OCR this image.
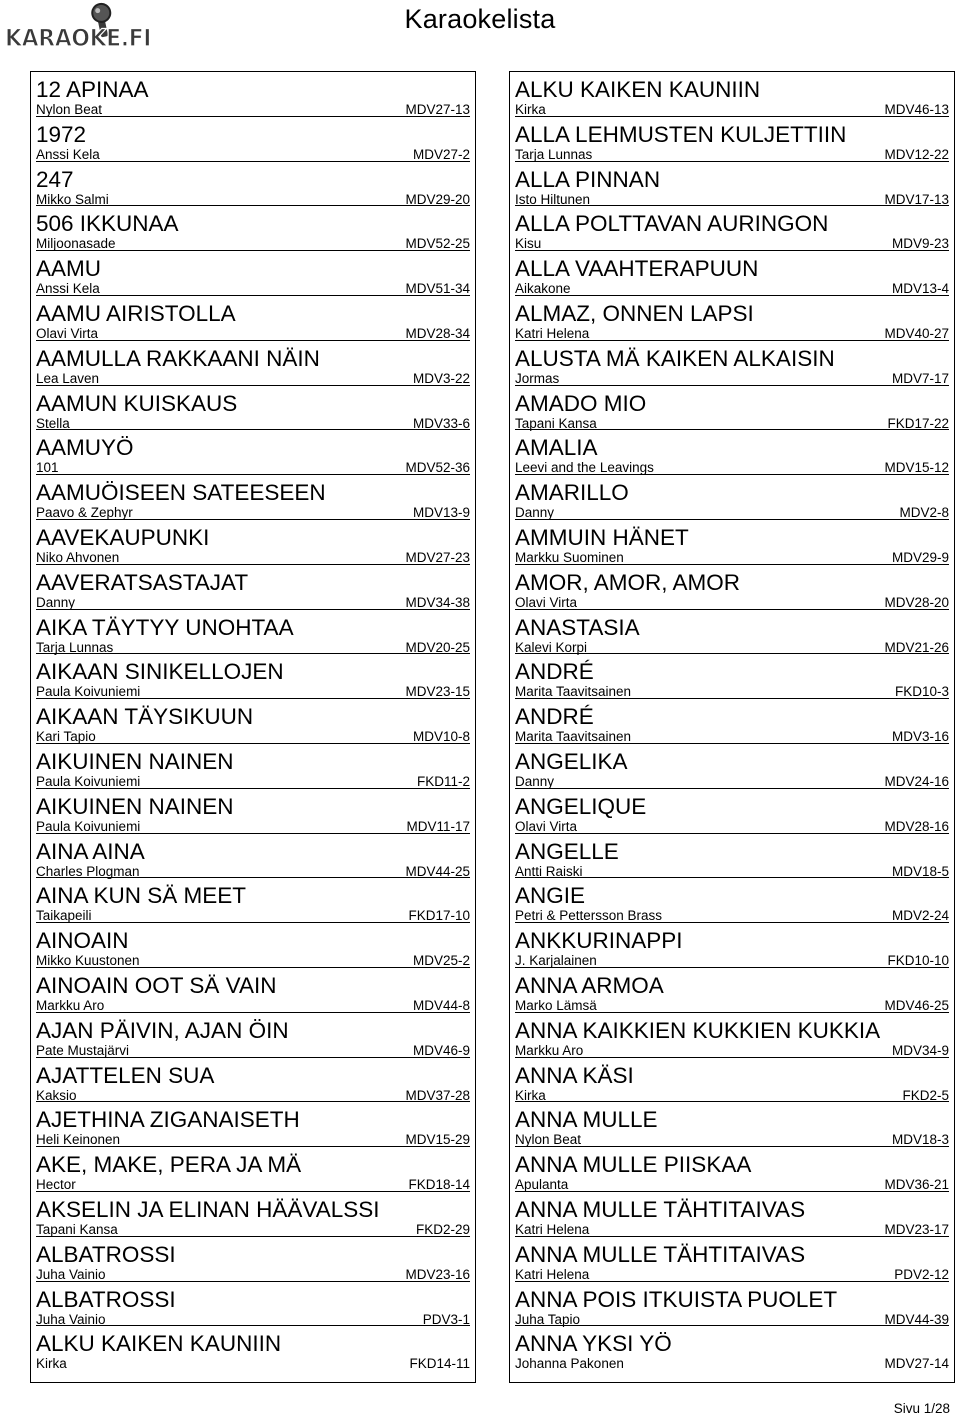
KARAOKE.FI
Karaokelista
12 APINAA
Nylon Beat	MDV27-13
1972
Anssi Kela	MDV27-2
247
Mikko Salmi	MDV29-20
506 IKKUNAA
Miljoonasade	MDV52-25
AAMU
Anssi Kela	MDV51-34
AAMU AIRISTOLLA
Olavi Virta	MDV28-34
AAMULLA RAKKAANI NÄIN
Lea Laven	MDV3-22
AAMUN KUISKAUS
Stella	MDV33-6
AAMUYÖ
101	MDV52-36
AAMUÖISEEN SATEESEEN
Paavo & Zephyr	MDV13-9
AAVEKAUPUNKI
Niko Ahvonen	MDV27-23
AAVERATSASTAJAT
Danny	MDV34-38
AIKA TÄYTYY UNOHTAA
Tarja Lunnas	MDV20-25
AIKAAN SINIKELLOJEN
Paula Koivuniemi	MDV23-15
AIKAAN TÄYSIKUUN
Kari Tapio	MDV10-8
AIKUINEN NAINEN
Paula Koivuniemi	FKD11-2
AIKUINEN NAINEN
Paula Koivuniemi	MDV11-17
AINA AINA
Charles Plogman	MDV44-25
AINA KUN SÄ MEET
Taikapeili	FKD17-10
AINOAIN
Mikko Kuustonen	MDV25-2
AINOAIN OOT SÄ VAIN
Markku Aro	MDV44-8
AJAN PÄIVIN, AJAN ÖIN
Pate Mustajärvi	MDV46-9
AJATTELEN SUA
Kaksio	MDV37-28
AJETHINA ZIGANAISETH
Heli Keinonen	MDV15-29
AKE, MAKE, PERA JA MÄ
Hector	FKD18-14
AKSELIN JA ELINAN HÄÄVALSSI
Tapani Kansa	FKD2-29
ALBATROSSI
Juha Vainio	MDV23-16
ALBATROSSI
Juha Vainio	PDV3-1
ALKU KAIKEN KAUNIIN
Kirka	FKD14-11
ALKU KAIKEN KAUNIIN
Kirka	MDV46-13
ALLA LEHMUSTEN KULJETTIIN
Tarja Lunnas	MDV12-22
ALLA PINNAN
Isto Hiltunen	MDV17-13
ALLA POLTTAVAN AURINGON
Kisu	MDV9-23
ALLA VAAHTERAPUUN
Aikakone	MDV13-4
ALMAZ, ONNEN LAPSI
Katri Helena	MDV40-27
ALUSTA MÄ KAIKEN ALKAISIN
Jormas	MDV7-17
AMADO MIO
Tapani Kansa	FKD17-22
AMALIA
Leevi and the Leavings	MDV15-12
AMARILLO
Danny	MDV2-8
AMMUIN HÄNET
Markku Suominen	MDV29-9
AMOR, AMOR, AMOR
Olavi Virta	MDV28-20
ANASTASIA
Kalevi Korpi	MDV21-26
ANDRÉ
Marita Taavitsainen	FKD10-3
ANDRÉ
Marita Taavitsainen	MDV3-16
ANGELIKA
Danny	MDV24-16
ANGELIQUE
Olavi Virta	MDV28-16
ANGELLE
Antti Raiski	MDV18-5
ANGIE
Petri & Pettersson Brass	MDV2-24
ANKKURINAPPI
J. Karjalainen	FKD10-10
ANNA ARMOA
Marko Lämsä	MDV46-25
ANNA KAIKKIEN KUKKIEN KUKKIA
Markku Aro	MDV34-9
ANNA KÄSI
Kirka	FKD2-5
ANNA MULLE
Nylon Beat	MDV18-3
ANNA MULLE PIISKAA
Apulanta	MDV36-21
ANNA MULLE TÄHTITAIVAS
Katri Helena	MDV23-17
ANNA MULLE TÄHTITAIVAS
Katri Helena	PDV2-12
ANNA POIS ITKUISTA PUOLET
Juha Tapio	MDV44-39
ANNA YKSI YÖ
Johanna Pakonen	MDV27-14
Sivu 1/28
